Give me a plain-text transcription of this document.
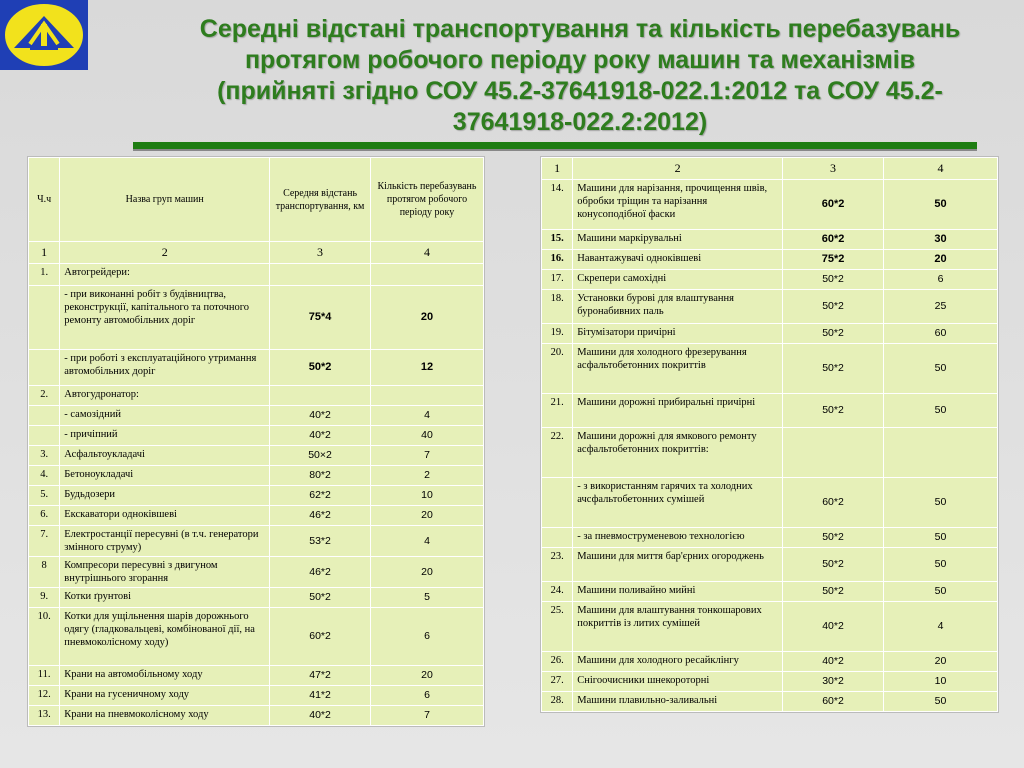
Середні відстані транспортування та кількість перебазувань
протягом робочого періоду року машин та механізмів
(прийняті згідно СОУ 45.2-37641918-022.1:2012 та СОУ 45.2-
37641918-022.2:2012)
Ч.ч	Назва груп машин	Середня відстань транспортування, км	Кількість перебазувань протягом робочого періоду року
1	2	3	4
1.	Автогрейдери:		
	- при виконанні робіт з будівництва, реконструкції, капітального та поточного ремонту автомобільних доріг	75*4	20
	- при роботі з експлуатаційного утримання автомобільних доріг	50*2	12
2.	Автогудронатор:		
	- самозідний	40*2	4
	- причіпний	40*2	40
3.	Асфальтоукладачі	50×2	7
4.	Бетоноукладачі	80*2	2
5.	Будьдозери	62*2	10
6.	Екскаватори одноківшеві	46*2	20
7.	Електростанції пересувні (в т.ч. генератори змінного струму)	53*2	4
8	Компресори пересувні з двигуном внутрішнього згорання	46*2	20
9.	Котки ґрунтові	50*2	5
10.	Котки для ущільнення шарів дорожнього одягу (гладковальцеві, комбінованої дії, на пневмоколісному ходу)	60*2	6
11.	Крани на автомобільному ходу	47*2	20
12.	Крани на гусеничному ходу	41*2	6
13.	Крани на пневмоколісному ходу	40*2	7
1	2	3	4
14.	Машини для нарізання, прочищення швів, обробки тріщин та нарізання конусоподібної фаски	60*2	50
15.	Машини маркірувальні	60*2	30
16.	Навантажувачі одноківшеві	75*2	20
17.	Скрепери самохідні	50*2	6
18.	Установки бурові для влаштування буронабивних паль	50*2	25
19.	Бітумізатори причірні	50*2	60
20.	Машини для холодного фрезерування асфальтобетонних покриттів	50*2	50
21.	Машини дорожні прибиральні причірні	50*2	50
22.	Машини дорожні для ямкового ремонту асфальтобетонних покриттів:		
	- з використанням гарячих та холодних ачсфальтобетонних сумішей	60*2	50
	- за пневмоструменевою технологією	50*2	50
23.	Машини для миття бар'єрних огороджень	50*2	50
24.	Машини поливайно мийні	50*2	50
25.	Машини для влаштування тонкошарових покриттів із литих сумішей	40*2	4
26.	Машини для холодного ресайклінгу	40*2	20
27.	Снігоочисники шнекороторні	30*2	10
28.	Машини плавильно-заливальні	60*2	50
